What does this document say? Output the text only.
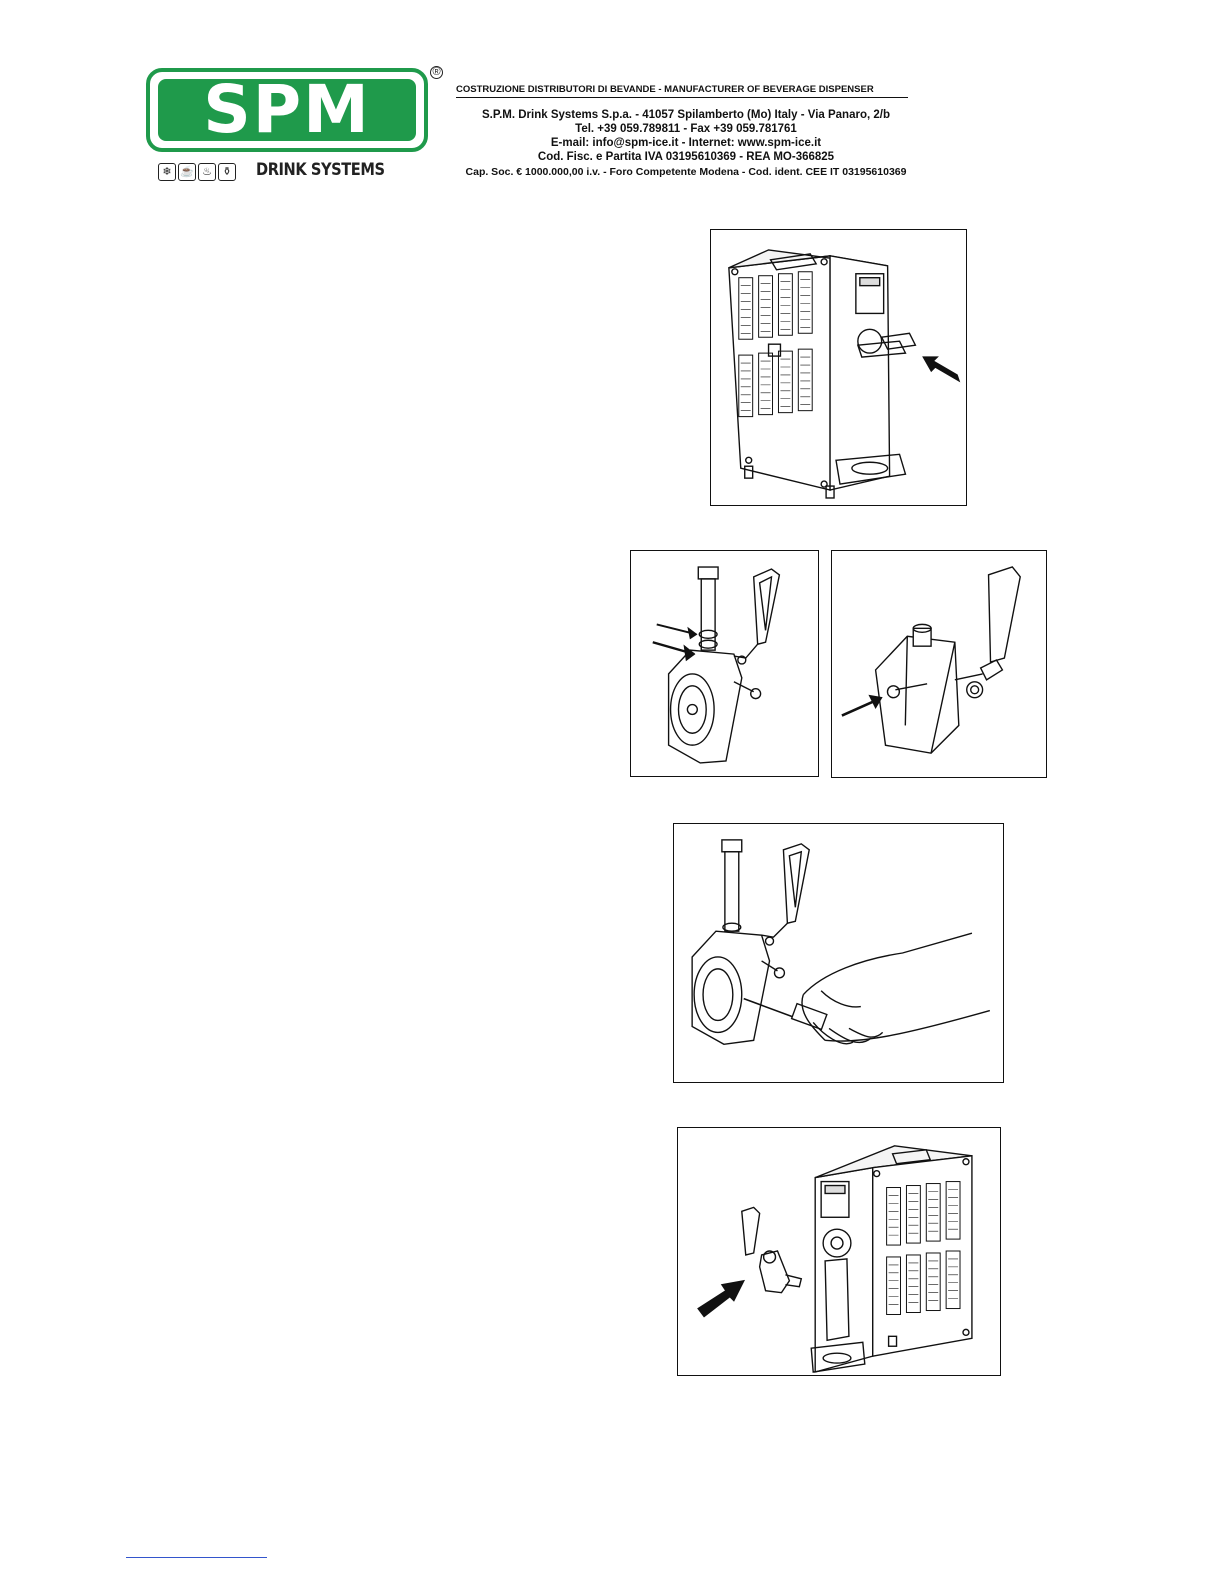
SPM	®
❄ ☕ ♨ ⚱ DRINK SYSTEMS
COSTRUZIONE DISTRIBUTORI DI BEVANDE - MANUFACTURER OF BEVERAGE DISPENSER
S.P.M. Drink Systems S.p.a. - 41057 Spilamberto (Mo) Italy - Via Panaro, 2/b
Tel. +39 059.789811 - Fax +39 059.781761
E-mail: info@spm-ice.it - Internet: www.spm-ice.it
Cod. Fisc. e Partita IVA 03195610369 - REA MO-366825
Cap. Soc. € 1000.000,00 i.v. - Foro Competente Modena - Cod. ident. CEE IT 03195610369
